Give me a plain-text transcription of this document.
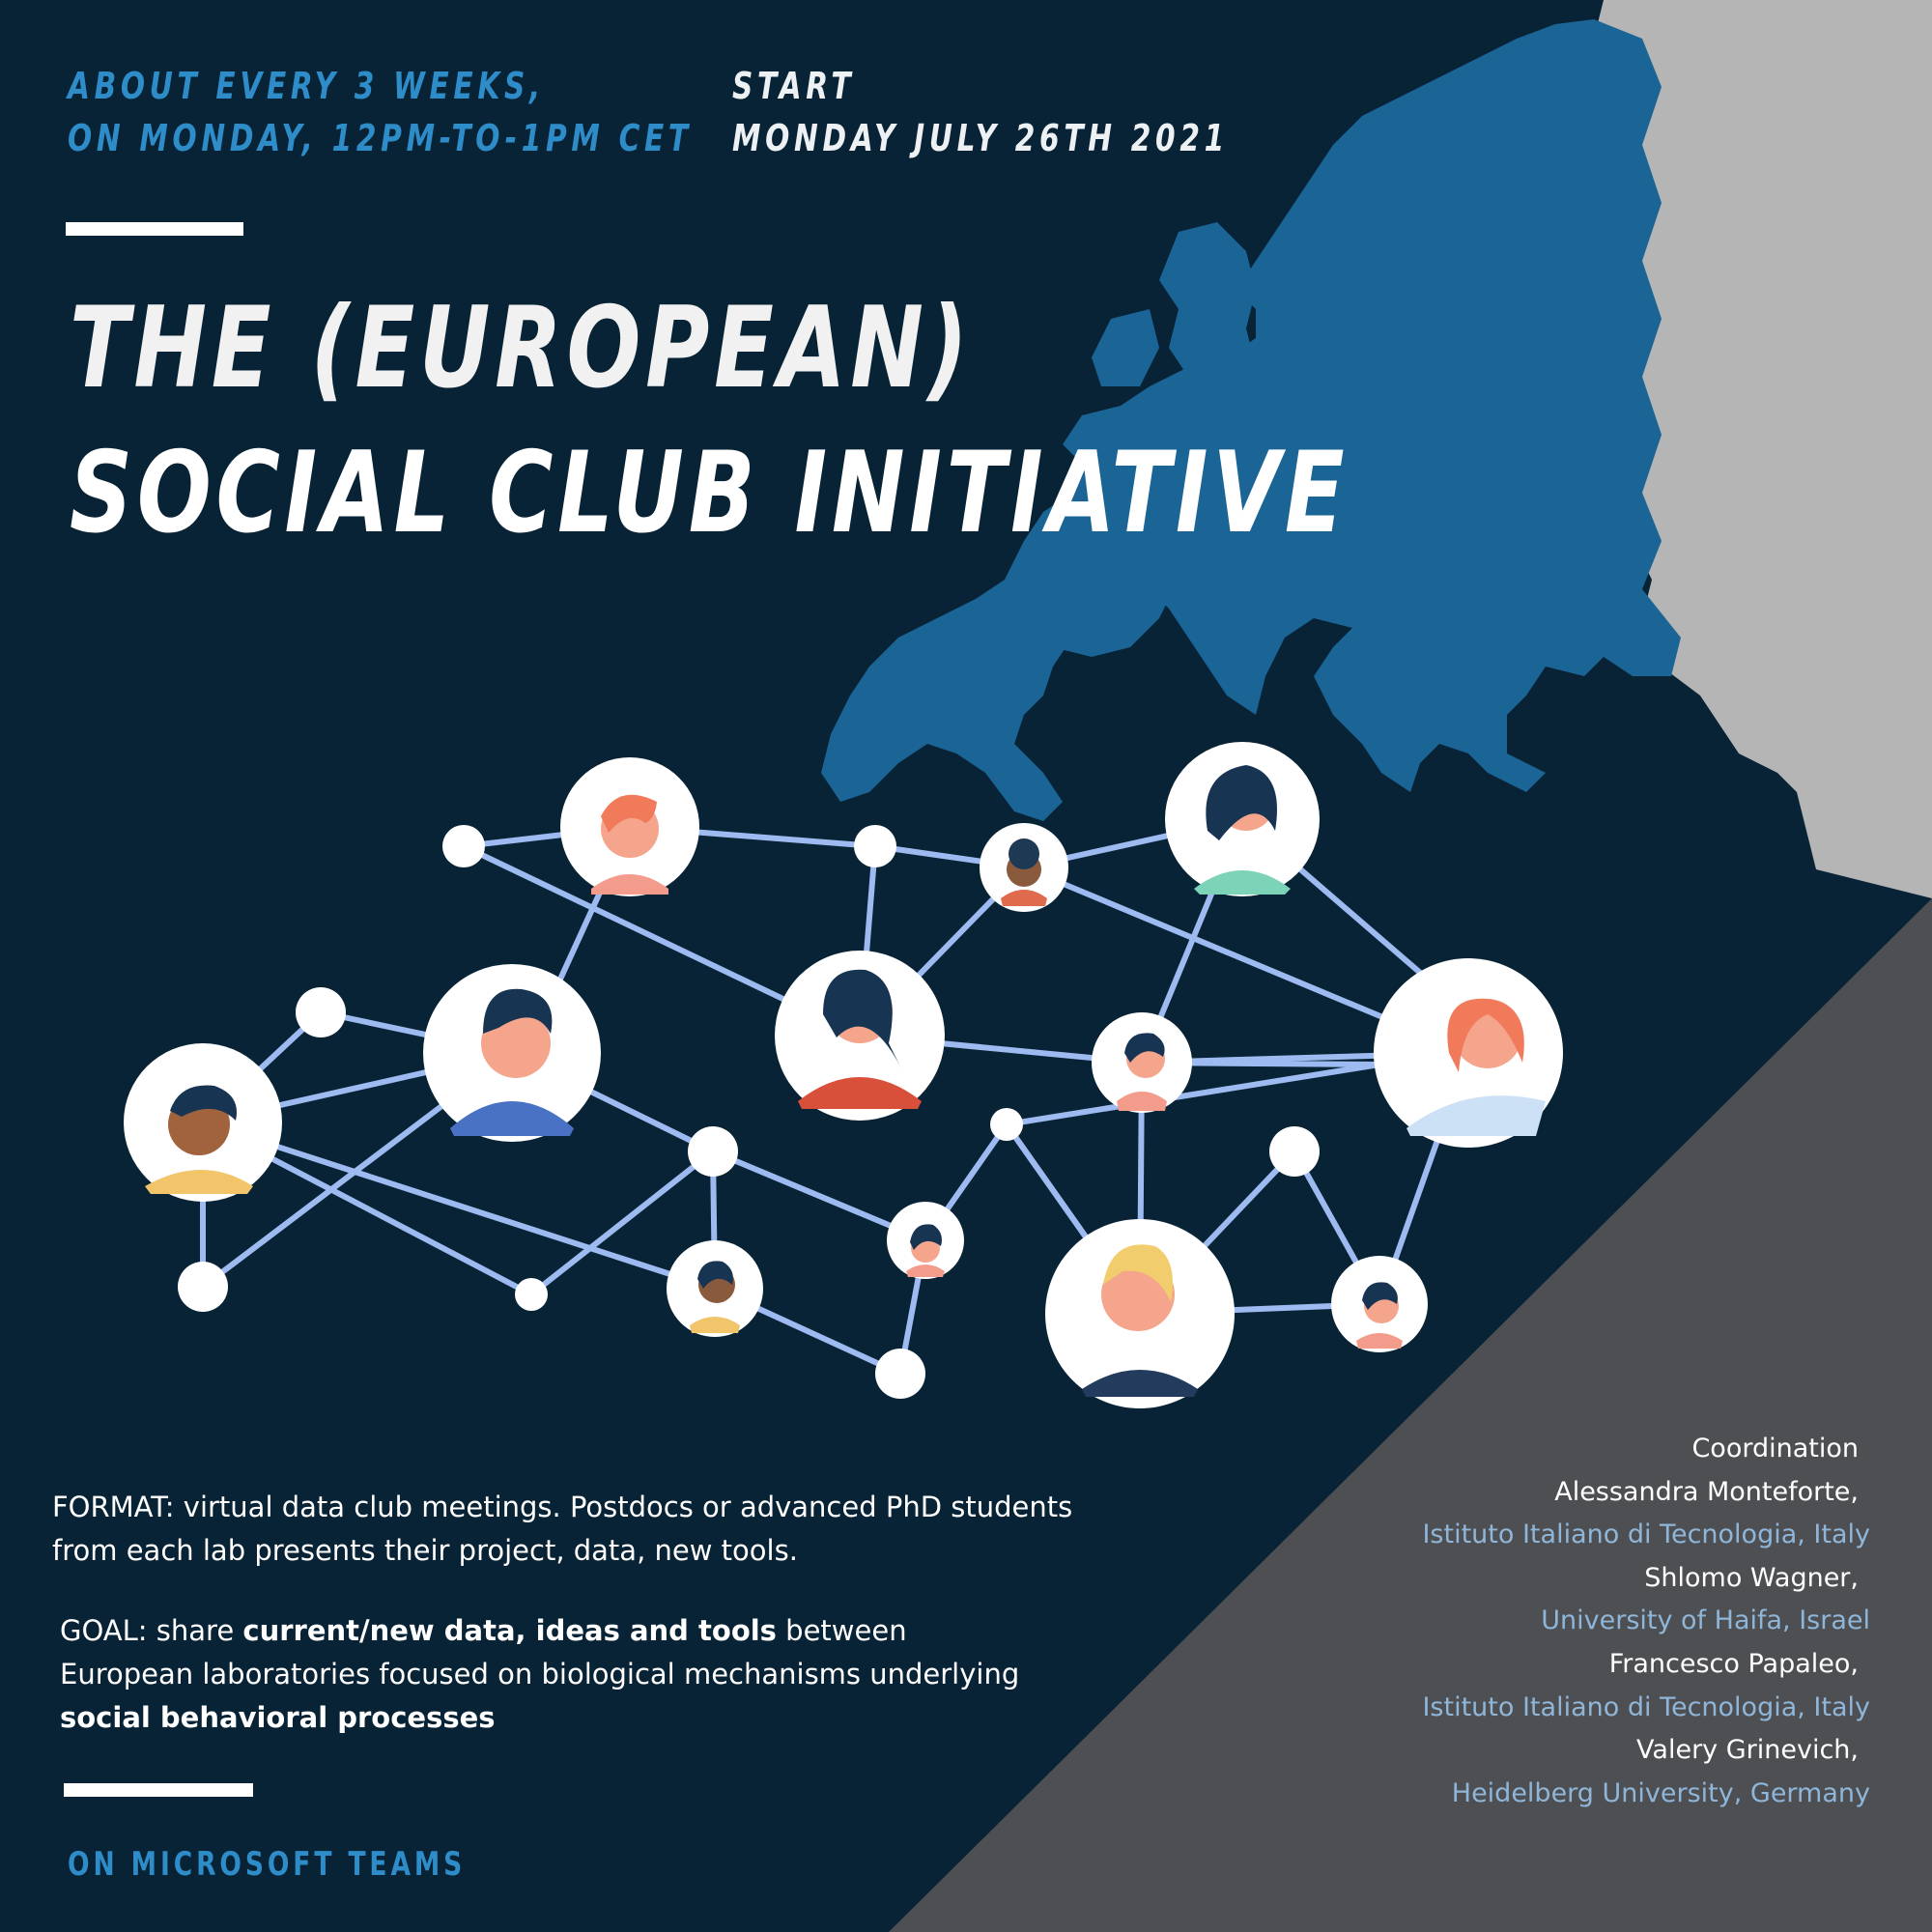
ABOUT EVERY 3 WEEKS,
ON MONDAY, 12PM-TO-1PM CET
START
MONDAY JULY 26TH 2021
THE (EUROPEAN)
SOCIAL CLUB INITIATIVE
FORMAT: virtual data club meetings. Postdocs or advanced PhD students from each lab presents their project, data, new tools.
GOAL: share current/new data, ideas and tools between European laboratories focused on biological mechanisms underlying social behavioral processes
ON MICROSOFT TEAMS
Coordination
Alessandra Monteforte,
Istituto Italiano di Tecnologia, Italy
Shlomo Wagner,
University of Haifa, Israel
Francesco Papaleo,
Istituto Italiano di Tecnologia, Italy
Valery Grinevich,
Heidelberg University, Germany
